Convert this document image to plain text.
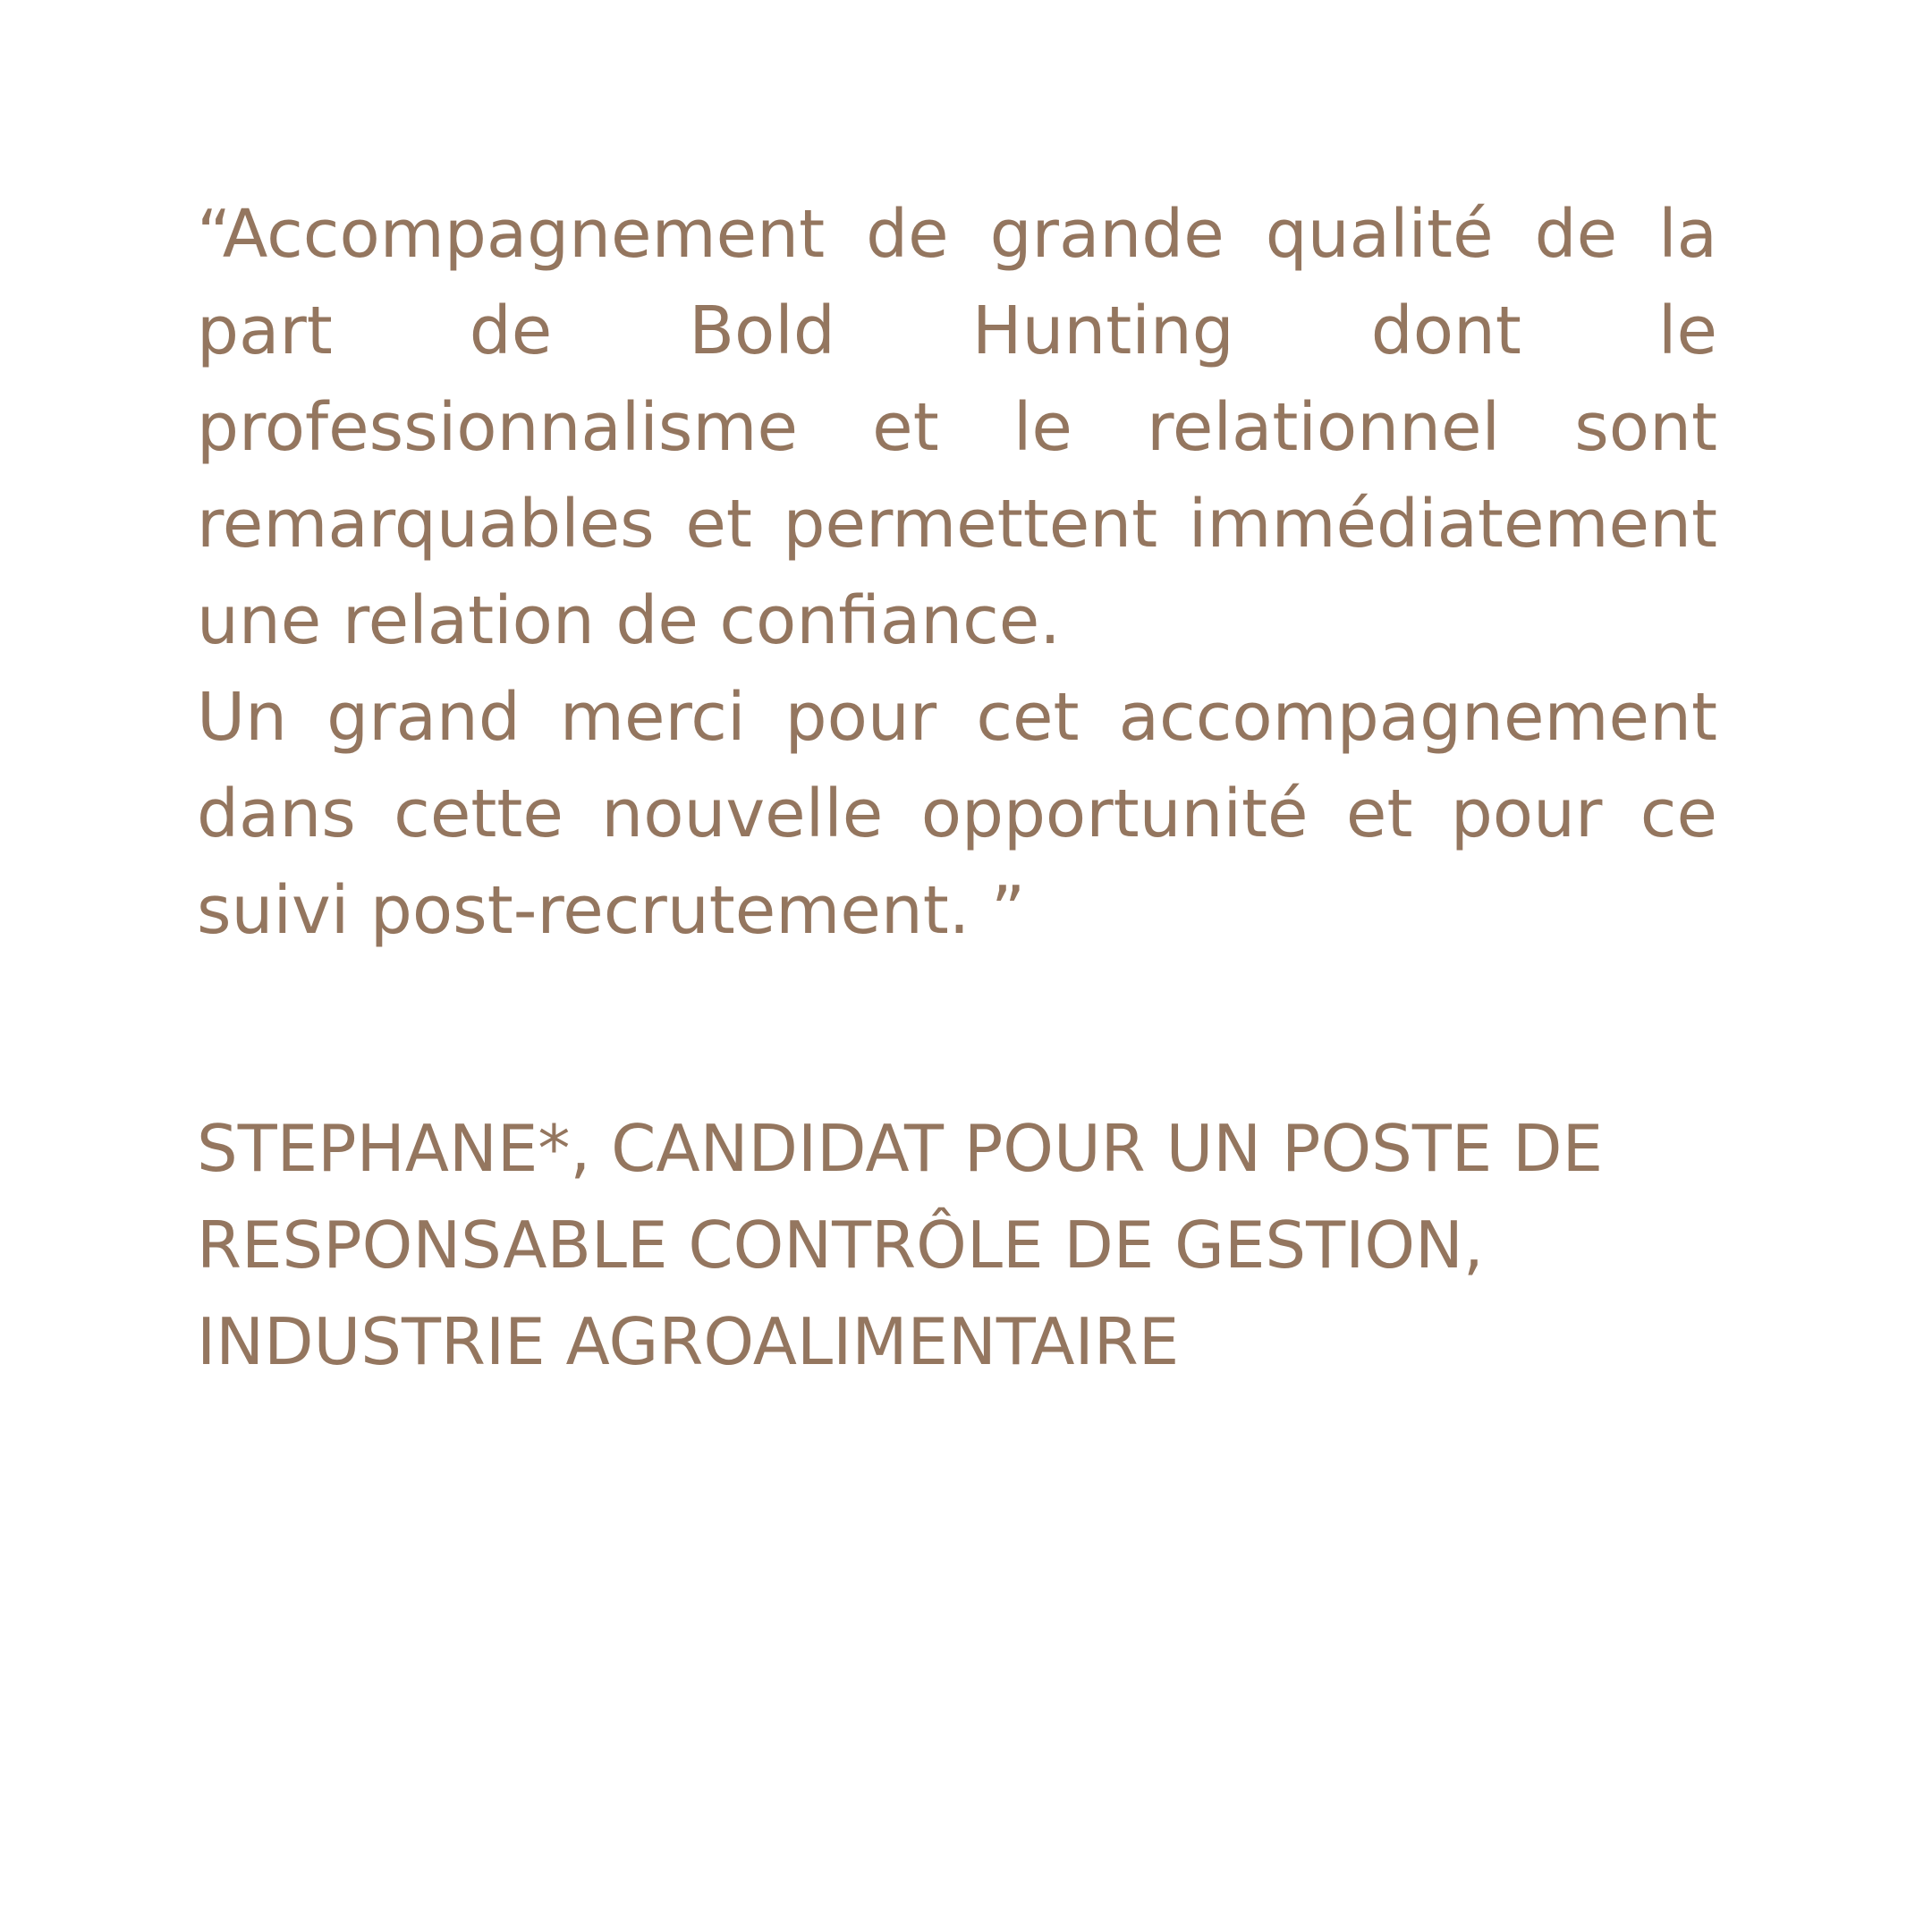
“Accompagnement de grande qualité de la part de Bold Hunting dont le professionnalisme et le relationnel sont remarquables et permettent immédiatement une relation de confiance.

Un grand merci pour cet accompagnement dans cette nouvelle opportunité et pour ce suivi post-recrutement. ”

STEPHANE*, CANDIDAT POUR UN POSTE DE
RESPONSABLE CONTRÔLE DE GESTION,
INDUSTRIE AGROALIMENTAIRE
